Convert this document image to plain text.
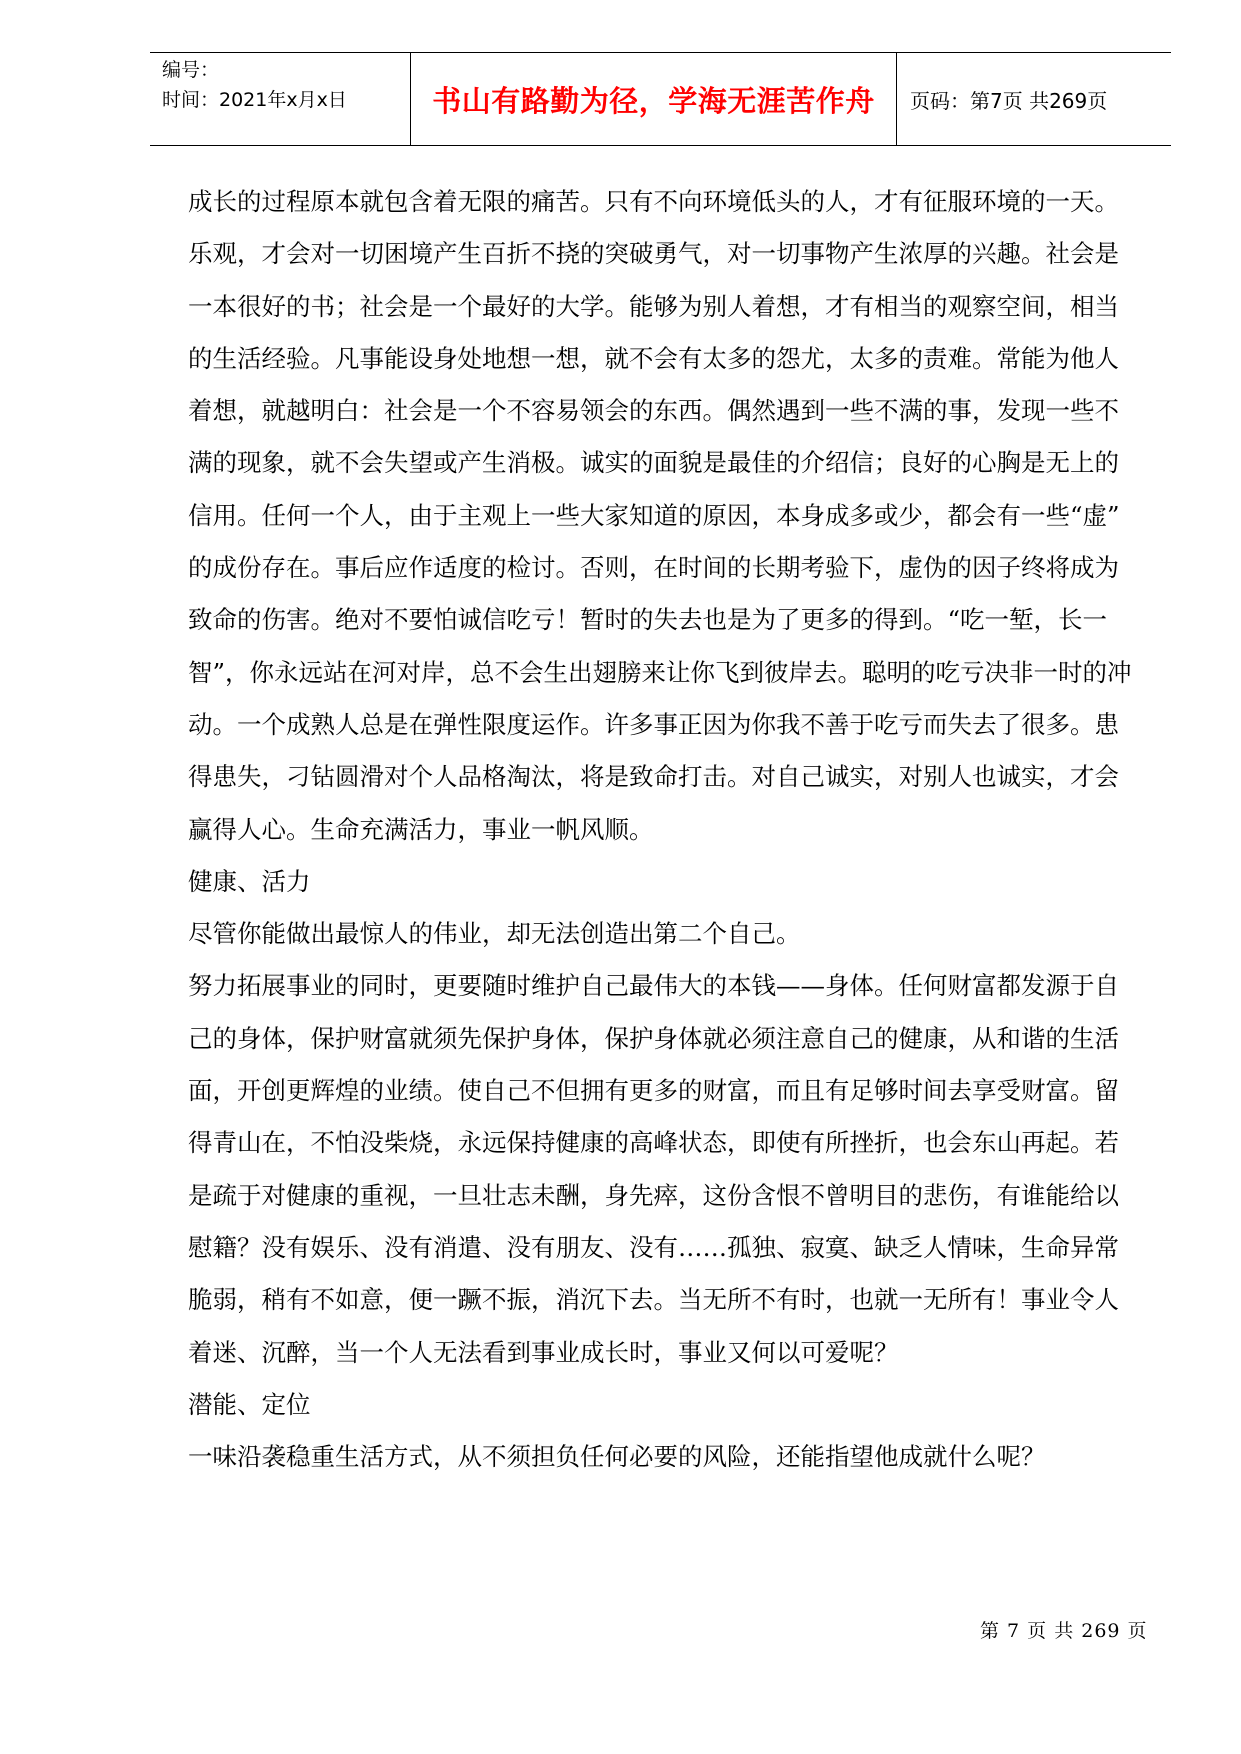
编号：
时间：2021年x月x日	书山有路勤为径，学海无涯苦作舟	页码：第7页 共269页
成长的过程原本就包含着无限的痛苦。只有不向环境低头的人，才有征服环境的一天。
乐观，才会对一切困境产生百折不挠的突破勇气，对一切事物产生浓厚的兴趣。社会是
一本很好的书；社会是一个最好的大学。能够为别人着想，才有相当的观察空间，相当
的生活经验。凡事能设身处地想一想，就不会有太多的怨尤，太多的责难。常能为他人
着想，就越明白：社会是一个不容易领会的东西。偶然遇到一些不满的事，发现一些不
满的现象，就不会失望或产生消极。诚实的面貌是最佳的介绍信；良好的心胸是无上的
信用。任何一个人，由于主观上一些大家知道的原因，本身成多或少，都会有一些“虚”
的成份存在。事后应作适度的检讨。否则，在时间的长期考验下，虚伪的因子终将成为
致命的伤害。绝对不要怕诚信吃亏！暂时的失去也是为了更多的得到。“吃一堑，长一
智”，你永远站在河对岸，总不会生出翅膀来让你飞到彼岸去。聪明的吃亏决非一时的冲
动。一个成熟人总是在弹性限度运作。许多事正因为你我不善于吃亏而失去了很多。患
得患失，刁钻圆滑对个人品格淘汰，将是致命打击。对自己诚实，对别人也诚实，才会
赢得人心。生命充满活力，事业一帆风顺。
健康、活力
尽管你能做出最惊人的伟业，却无法创造出第二个自己。
努力拓展事业的同时，更要随时维护自己最伟大的本钱——身体。任何财富都发源于自
己的身体，保护财富就须先保护身体，保护身体就必须注意自己的健康，从和谐的生活
面，开创更辉煌的业绩。使自己不但拥有更多的财富，而且有足够时间去享受财富。留
得青山在，不怕没柴烧，永远保持健康的高峰状态，即使有所挫折，也会东山再起。若
是疏于对健康的重视，一旦壮志未酬，身先瘁，这份含恨不曾明目的悲伤，有谁能给以
慰籍？没有娱乐、没有消遣、没有朋友、没有……孤独、寂寞、缺乏人情味，生命异常
脆弱，稍有不如意，便一蹶不振，消沉下去。当无所不有时，也就一无所有！事业令人
着迷、沉醉，当一个人无法看到事业成长时，事业又何以可爱呢？
潜能、定位
一味沿袭稳重生活方式，从不须担负任何必要的风险，还能指望他成就什么呢？
第 7 页 共 269 页
